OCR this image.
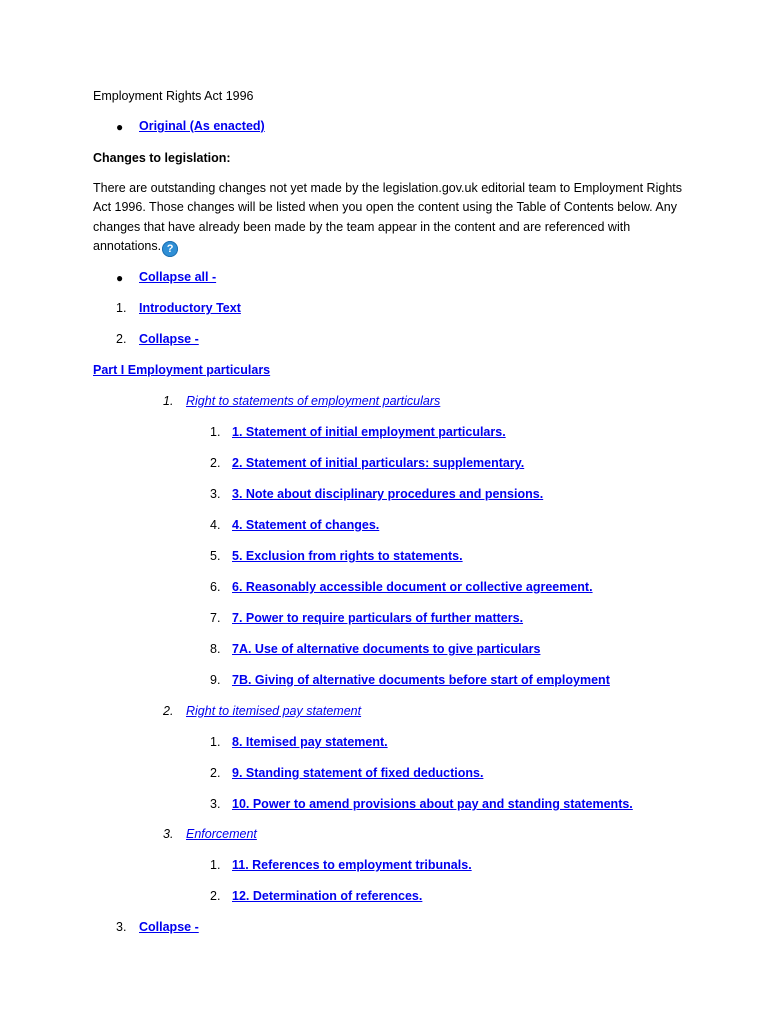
Employment Rights Act 1996
● Original (As enacted)
Changes to legislation:
There are outstanding changes not yet made by the legislation.gov.uk editorial team to Employment Rights Act 1996. Those changes will be listed when you open the content using the Table of Contents below. Any changes that have already been made by the team appear in the content and are referenced with annotations. ?
● Collapse all -
1. Introductory Text
2. Collapse -
Part I Employment particulars
1. Right to statements of employment particulars
1. 1. Statement of initial employment particulars.
2. 2. Statement of initial particulars: supplementary.
3. 3. Note about disciplinary procedures and pensions.
4. 4. Statement of changes.
5. 5. Exclusion from rights to statements.
6. 6. Reasonably accessible document or collective agreement.
7. 7. Power to require particulars of further matters.
8. 7A. Use of alternative documents to give particulars
9. 7B. Giving of alternative documents before start of employment
2. Right to itemised pay statement
1. 8. Itemised pay statement.
2. 9. Standing statement of fixed deductions.
3. 10. Power to amend provisions about pay and standing statements.
3. Enforcement
1. 11. References to employment tribunals.
2. 12. Determination of references.
3. Collapse -
